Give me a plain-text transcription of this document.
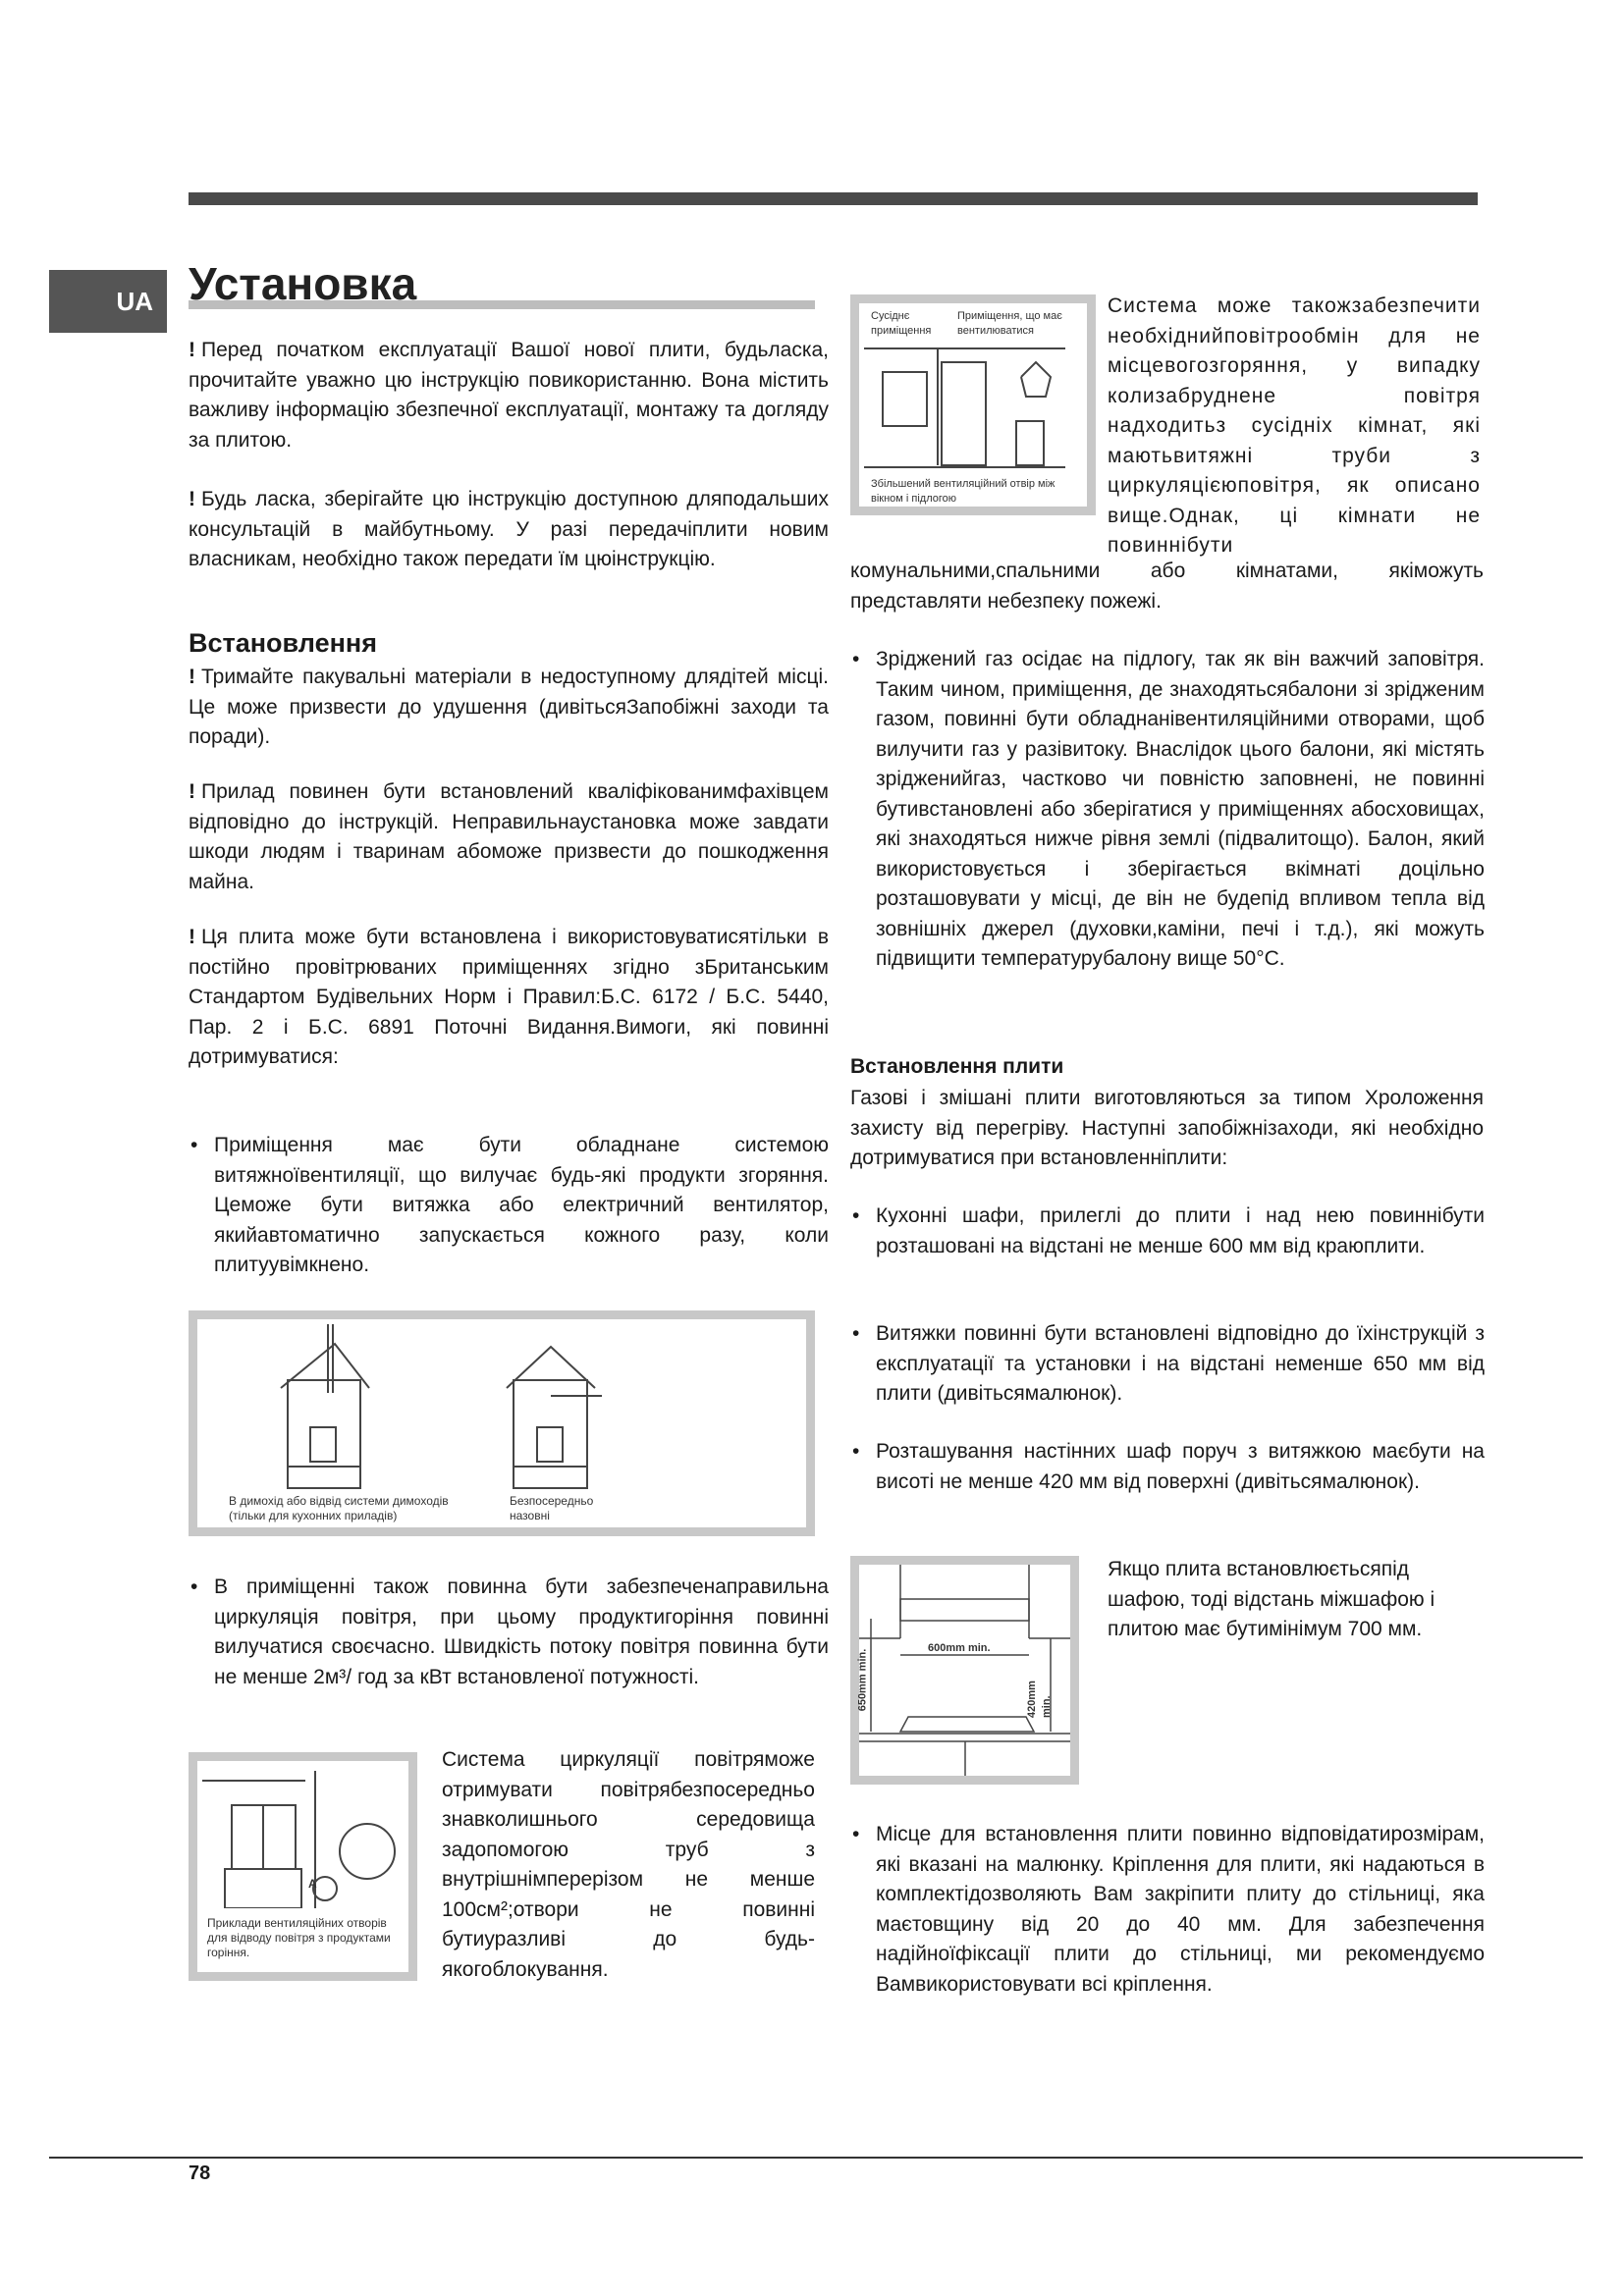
UA Установка
! Перед початком експлуатації Вашої нової плити, будьласка, прочитайте уважно цю інструкцію повикористанню. Вона містить важливу інформацію збезпечної експлуатації, монтажу та догляду за плитою.
! Будь ласка, зберігайте цю інструкцію доступною дляподальших консультацій в майбутньому. У разі передачіплити новим власникам, необхідно також передати їм цюінструкцію.
Встановлення
! Тримайте пакувальні матеріали в недоступному длядітей місці. Це може призвести до удушення (дивітьсяЗапобіжні заходи та поради).
! Прилад повинен бути встановлений кваліфікованимфахівцем відповідно до інструкцій. Неправильнаустановка може завдати шкоди людям і тваринам абоможе призвести до пошкодження майна.
! Ця плита може бути встановлена і використовуватисятільки в постійно провітрюваних приміщеннях згідно зБританським Стандартом Будівельних Норм і Правил:Б.С. 6172 / Б.С. 5440, Пар. 2 і Б.С. 6891 Поточні Видання.Вимоги, які повинні дотримуватися:
• Приміщення має бути обладнане системою витяжноївентиляції, що вилучає будь-які продукти згоряння. Цеможе бути витяжка або електричний вентилятор, якийавтоматично запускається кожного разу, коли плитуувімкнено.
В димохід або відвід системи димоходів (тільки для кухонних приладів)
Безпосередньо назовні
• В приміщенні також повинна бути забезпеченаправильна циркуляція повітря, при цьому продуктигоріння повинні вилучатися своєчасно. Швидкість потоку повітря повинна бути не менше 2м³/ год за кВт встановленої потужності.
A
Приклади вентиляційних отворів для відводу повітря з продуктами горіння.
Система циркуляції повітряможе отримувати повітрябезпосередньо знавколишнього середовища задопомогою труб з внутрішнімперерізом не менше 100см²;отвори не повинні бутиуразливі до будь-якогоблокування.
Сусіднє приміщення
Приміщення, що має вентилюватися
Збільшений вентиляційний отвір між вікном і підлогою
Система може такожзабезпечити необхіднийповітрообмін для не місцевогозгоряння, у випадку колизабруднене повітря надходитьз сусідніх кімнат, які маютьвитяжні труби з циркуляцієюповітря, як описано вище.Однак, ці кімнати не повиннібути
комунальними,спальними або кімнатами, якіможуть представляти небезпеку пожежі.
• Зріджений газ осідає на підлогу, так як він важчий заповітря. Таким чином, приміщення, де знаходятьсябалони зі зрідженим газом, повинні бути обладнанівентиляційними отворами, щоб вилучити газ у разівитоку. Внаслідок цього балони, які містять зрідженийгаз, частково чи повністю заповнені, не повинні бутивстановлені або зберігатися у приміщеннях абосховищах, які знаходяться нижче рівня землі (підвалитощо). Балон, який використовується і зберігається вкімнаті доцільно розташовувати у місці, де він не будепід впливом тепла від зовнішніх джерел (духовки,каміни, печі і т.д.), які можуть підвищити температурубалону вище 50°С.
Встановлення плити
Газові і змішані плити виготовляються за типом Хроложення захисту від перегріву. Наступні запобіжнізаходи, які необхідно дотримуватися при встановленніплити:
• Кухонні шафи, прилеглі до плити і над нею повиннібути розташовані на відстані не менше 600 мм від краюплити.
• Витяжки повинні бути встановлені відповідно до їхінструкцій з експлуатації та установки і на відстані неменше 650 мм від плити (дивітьсямалюнок).
• Розташування настінних шаф поруч з витяжкою маєбути на висоті не менше 420 мм від поверхні (дивітьсямалюнок).
600mm min.
650mm min.	420mm min.
Якщо плита встановлюєтьсяпід шафою, тоді відстань міжшафою і плитою має бутимінімум 700 мм.
• Місце для встановлення плити повинно відповідатирозмірам, які вказані на малюнку. Кріплення для плити, які надаються в комплектідозволяють Вам закріпити плиту до стільниці, яка маєтовщину від 20 до 40 мм. Для забезпечення надійноїфіксації плити до стільниці, ми рекомендуємо Вамвикористовувати всі кріплення.
78
